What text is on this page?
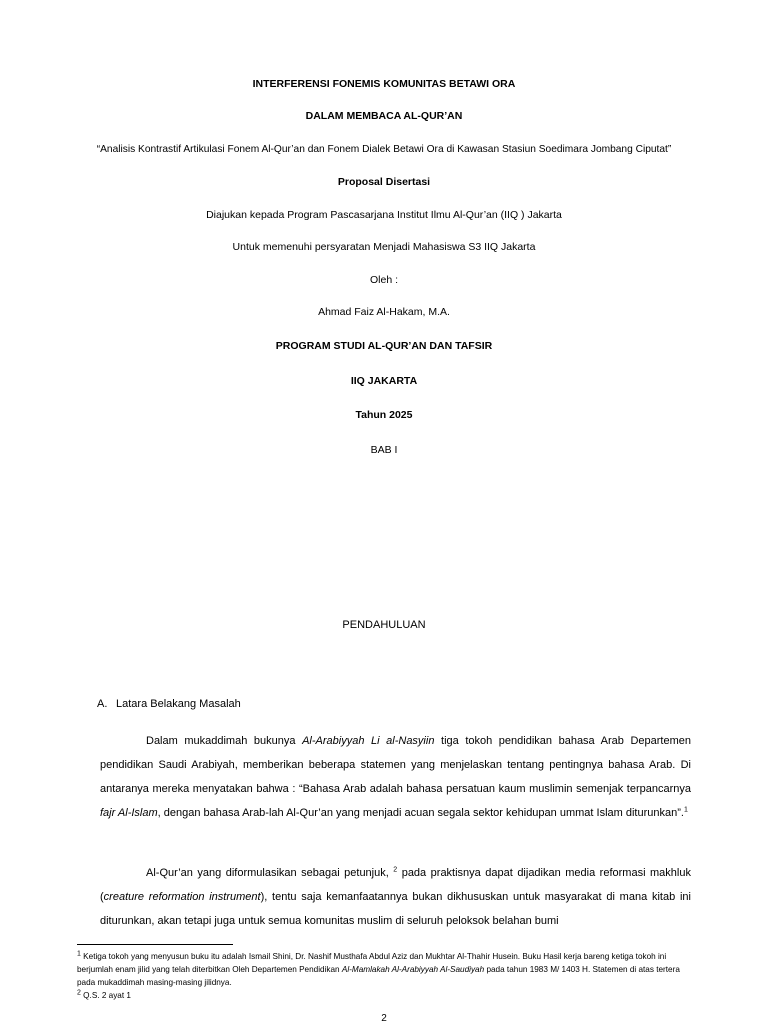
INTERFERENSI FONEMIS KOMUNITAS BETAWI ORA
DALAM MEMBACA AL-QUR’AN
“Analisis Kontrastif Artikulasi Fonem Al-Qur’an dan Fonem Dialek Betawi Ora di Kawasan Stasiun Soedimara Jombang Ciputat”
Proposal Disertasi
Diajukan kepada Program Pascasarjana Institut Ilmu Al-Qur’an (IIQ ) Jakarta
Untuk memenuhi persyaratan Menjadi Mahasiswa S3 IIQ Jakarta
Oleh :
Ahmad Faiz Al-Hakam, M.A.
PROGRAM STUDI AL-QUR’AN DAN TAFSIR
IIQ JAKARTA
Tahun 2025
BAB I
PENDAHULUAN
A. Latara Belakang Masalah

Dalam mukaddimah bukunya Al-Arabiyyah Li al-Nasyiin tiga tokoh pendidikan bahasa Arab Departemen pendidikan Saudi Arabiyah, memberikan beberapa statemen yang menjelaskan tentang pentingnya bahasa Arab. Di antaranya mereka menyatakan bahwa : “Bahasa Arab adalah bahasa persatuan kaum muslimin semenjak terpancarnya fajr Al-Islam, dengan bahasa Arab-lah Al-Qur’an yang menjadi acuan segala sektor kehidupan ummat Islam diturunkan”.$^1$

Al-Qur’an yang diformulasikan sebagai petunjuk, $^2$ pada praktisnya dapat dijadikan media reformasi makhluk (creature reformation instrument), tentu saja kemanfaatannya bukan dikhususkan untuk masyarakat di mana kitab ini diturunkan, akan tetapi juga untuk semua komunitas muslim di seluruh peloksok belahan bumi

$^1$ Ketiga tokoh yang menyusun buku itu adalah Ismail Shini, Dr. Nashif Musthafa Abdul Aziz dan Mukhtar Al-Thahir Husein. Buku Hasil kerja bareng ketiga tokoh ini berjumlah enam jilid yang telah diterbitkan Oleh Departemen Pendidikan Al-Mamlakah Al-Arabiyyah Al-Saudiyah pada tahun 1983 M/ 1403 H. Statemen di atas tertera pada mukaddimah masing-masing jilidnya.

$^2$ Q.S. 2 ayat 1

2
